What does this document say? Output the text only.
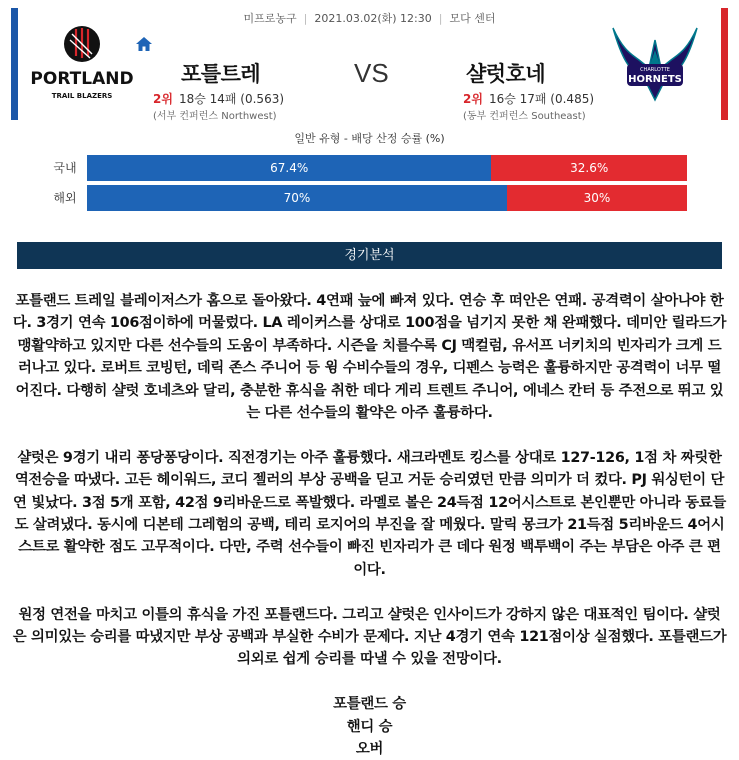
미프로농구 | 2021.03.02(화) 12:30 | 모다 센터
PORTLAND
TRAIL BLAZERS
포틀트레	VS	샬럿호네
2위 18승 14패 (0.563)
(서부 컨퍼런스 Northwest)
2위 16승 17패 (0.485)
(동부 컨퍼런스 Southeast)
CHARLOTTE
HORNETS
일반 유형 - 배당 산정 승률 (%)
국내	67.4%	32.6%
해외	70%	30%
경기분석

포틀랜드 트레일 블레이저스가 홈으로 돌아왔다. 4연패 늪에 빠져 있다. 연승 후 떠안은 연패. 공격력이 살아나야 한다. 3경기 연속 106점이하에 머물렀다. LA 레이커스를 상대로 100점을 넘기지 못한 채 완패했다. 데미안 릴라드가 맹활약하고 있지만 다른 선수들의 도움이 부족하다. 시즌을 치를수록 CJ 맥컬럼, 유서프 너키치의 빈자리가 크게 드러나고 있다. 로버트 코빙턴, 데릭 존스 주니어 등 윙 수비수들의 경우, 디펜스 능력은 훌륭하지만 공격력이 너무 떨어진다. 다행히 샬럿 호네츠와 달리, 충분한 휴식을 취한 데다 게리 트렌트 주니어, 에네스 칸터 등 주전으로 뛰고 있는 다른 선수들의 활약은 아주 훌륭하다.

샬럿은 9경기 내리 퐁당퐁당이다. 직전경기는 아주 훌륭했다. 새크라멘토 킹스를 상대로 127-126, 1점 차 짜릿한 역전승을 따냈다. 고든 헤이워드, 코디 젤러의 부상 공백을 딛고 거둔 승리였던 만큼 의미가 더 컸다. PJ 워싱턴이 단연 빛났다. 3점 5개 포함, 42점 9리바운드로 폭발했다. 라멜로 볼은 24득점 12어시스트로 본인뿐만 아니라 동료들도 살려냈다. 동시에 디본테 그레험의 공백, 테리 로지어의 부진을 잘 메웠다. 말릭 몽크가 21득점 5리바운드 4어시스트로 활약한 점도 고무적이다. 다만, 주력 선수들이 빠진 빈자리가 큰 데다 원정 백투백이 주는 부담은 아주 큰 편이다.

원정 연전을 마치고 이틀의 휴식을 가진 포틀랜드다. 그리고 샬럿은 인사이드가 강하지 않은 대표적인 팀이다. 샬럿은 의미있는 승리를 따냈지만 부상 공백과 부실한 수비가 문제다. 지난 4경기 연속 121점이상 실점했다. 포틀랜드가 의외로 쉽게 승리를 따낼 수 있을 전망이다.

포틀랜드 승
핸디 승
오버
